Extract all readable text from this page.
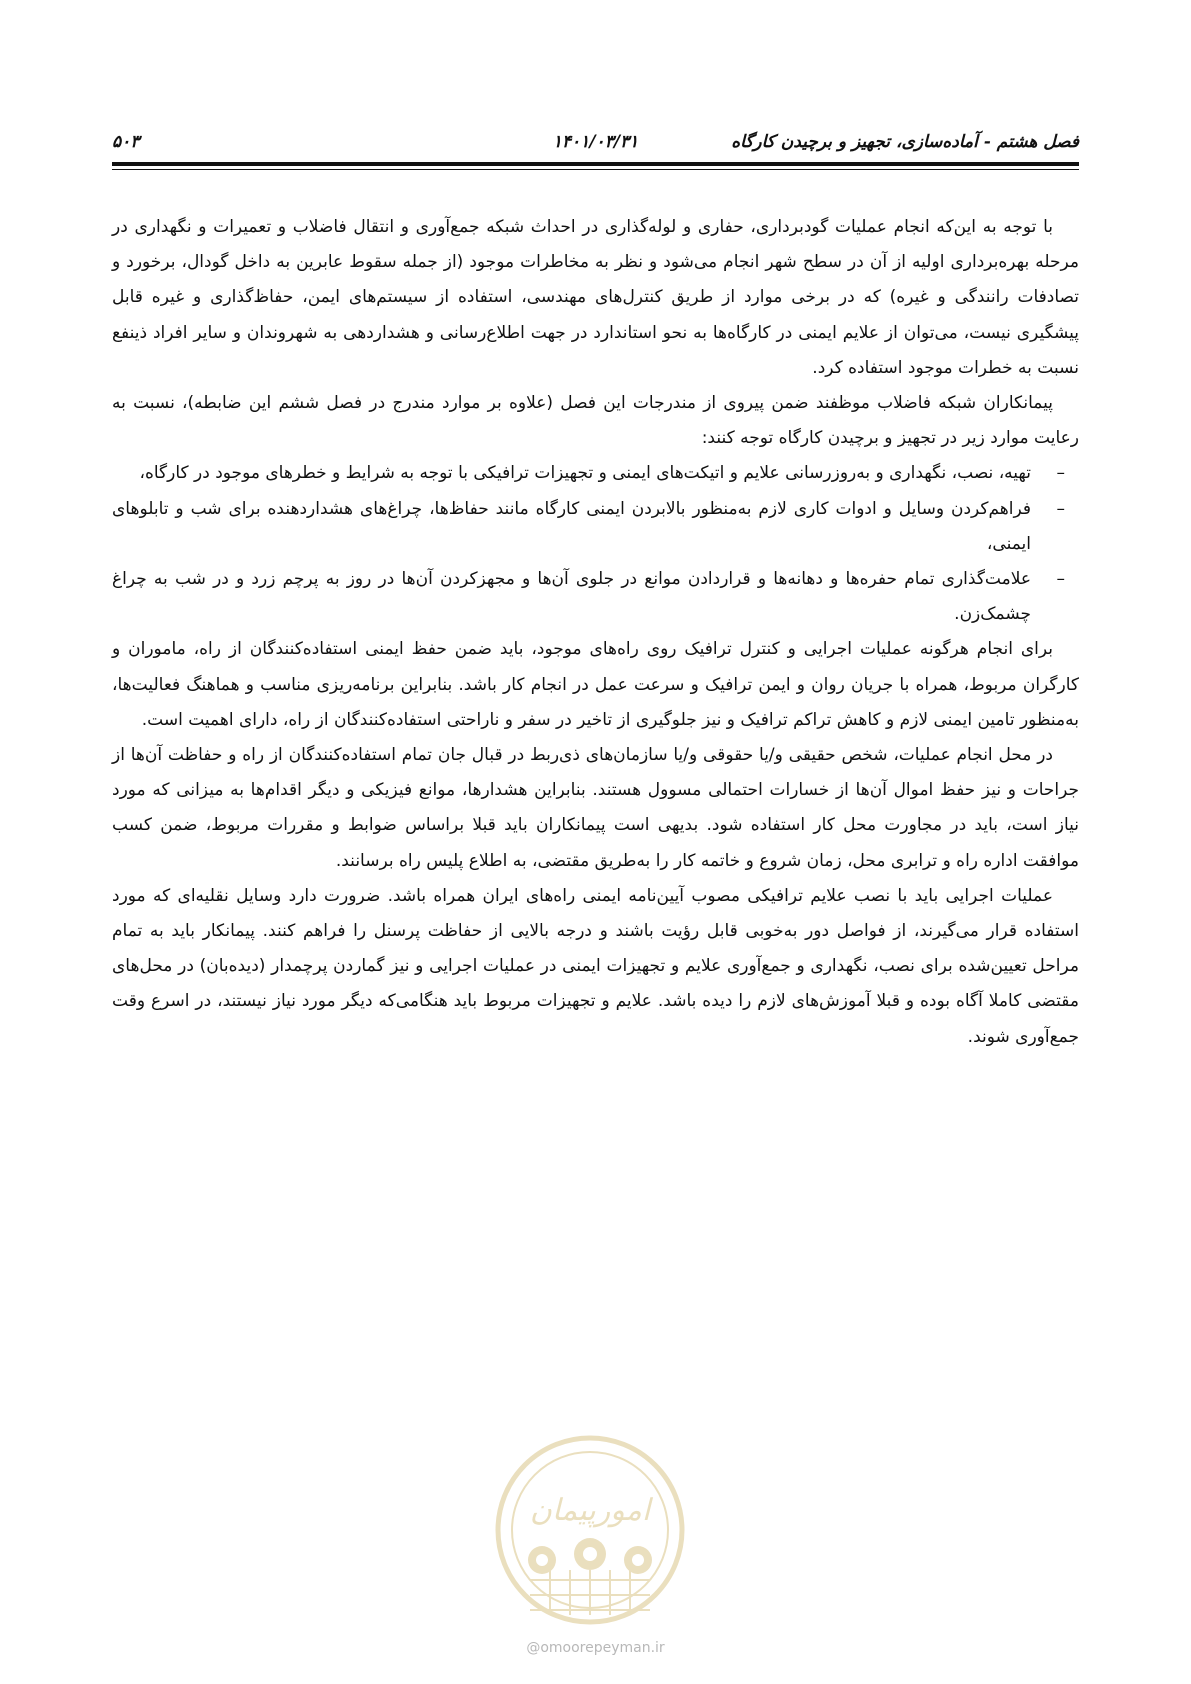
فصل هشتم - آماده‌سازی، تجهیز و برچیدن کارگاه
۱۴۰۱/۰۳/۳۱
۵۰۳

با توجه به این‌که انجام عملیات گودبرداری، حفاری و لوله‌گذاری در احداث شبکه جمع‌آوری و انتقال فاضلاب و تعمیرات و نگهداری در مرحله بهره‌برداری اولیه از آن در سطح شهر انجام می‌شود و نظر به مخاطرات موجود (از جمله سقوط عابرین به داخل گودال، برخورد و تصادفات رانندگی و غیره) که در برخی موارد از طریق کنترل‌های مهندسی، استفاده از سیستم‌های ایمن، حفاظ‌گذاری و غیره قابل پیشگیری نیست، می‌توان از علایم ایمنی در کارگاه‌ها به نحو استاندارد در جهت اطلاع‌رسانی و هشداردهی به شهروندان و سایر افراد ذینفع نسبت به خطرات موجود استفاده کرد.

پیمانکاران شبکه فاضلاب موظفند ضمن پیروی از مندرجات این فصل (علاوه بر موارد مندرج در فصل ششم این ضابطه)، نسبت به رعایت موارد زیر در تجهیز و برچیدن کارگاه توجه کنند:

–
تهیه، نصب، نگهداری و به‌روزرسانی علایم و اتیکت‌های ایمنی و تجهیزات ترافیکی با توجه به شرایط و خطرهای موجود در کارگاه،
–
فراهم‌کردن وسایل و ادوات کاری لازم به‌منظور بالابردن ایمنی کارگاه مانند حفاظ‌ها، چراغ‌های هشداردهنده برای شب و تابلوهای ایمنی،
–
علامت‌گذاری تمام حفره‌ها و دهانه‌ها و قراردادن موانع در جلوی آن‌ها و مجهزکردن آن‌ها در روز به پرچم زرد و در شب به چراغ چشمک‌زن.

برای انجام هرگونه عملیات اجرایی و کنترل ترافیک روی راه‌های موجود، باید ضمن حفظ ایمنی استفاده‌کنندگان از راه، ماموران و کارگران مربوط، همراه با جریان روان و ایمن ترافیک و سرعت عمل در انجام کار باشد. بنابراین برنامه‌ریزی مناسب و هماهنگ فعالیت‌ها، به‌منظور تامین ایمنی لازم و کاهش تراکم ترافیک و نیز جلوگیری از تاخیر در سفر و ناراحتی استفاده‌کنندگان از راه، دارای اهمیت است.

در محل انجام عملیات، شخص حقیقی و/یا حقوقی و/یا سازمان‌های ذی‌ربط در قبال جان تمام استفاده‌کنندگان از راه و حفاظت آن‌ها از جراحات و نیز حفظ اموال آن‌ها از خسارات احتمالی مسوول هستند. بنابراین هشدارها، موانع فیزیکی و دیگر اقدام‌ها به میزانی که مورد نیاز است، باید در مجاورت محل کار استفاده شود. بدیهی است پیمانکاران باید قبلا براساس ضوابط و مقررات مربوط، ضمن کسب موافقت اداره راه و ترابری محل، زمان شروع و خاتمه کار را به‌طریق مقتضی، به اطلاع پلیس راه برسانند.

عملیات اجرایی باید با نصب علایم ترافیکی مصوب آیین‌نامه ایمنی راه‌های ایران همراه باشد. ضرورت دارد وسایل نقلیه‌ای که مورد استفاده قرار می‌گیرند، از فواصل دور به‌خوبی قابل رؤیت باشند و درجه بالایی از حفاظت پرسنل را فراهم کنند. پیمانکار باید به تمام مراحل تعیین‌شده برای نصب، نگهداری و جمع‌آوری علایم و تجهیزات ایمنی در عملیات اجرایی و نیز گماردن پرچمدار (دیده‌بان) در محل‌های مقتضی کاملا آگاه بوده و قبلا آموزش‌های لازم را دیده باشد. علایم و تجهیزات مربوط باید هنگامی‌که دیگر مورد نیاز نیستند، در اسرع وقت جمع‌آوری شوند.

امورپیمان
@omoorepeyman.ir
